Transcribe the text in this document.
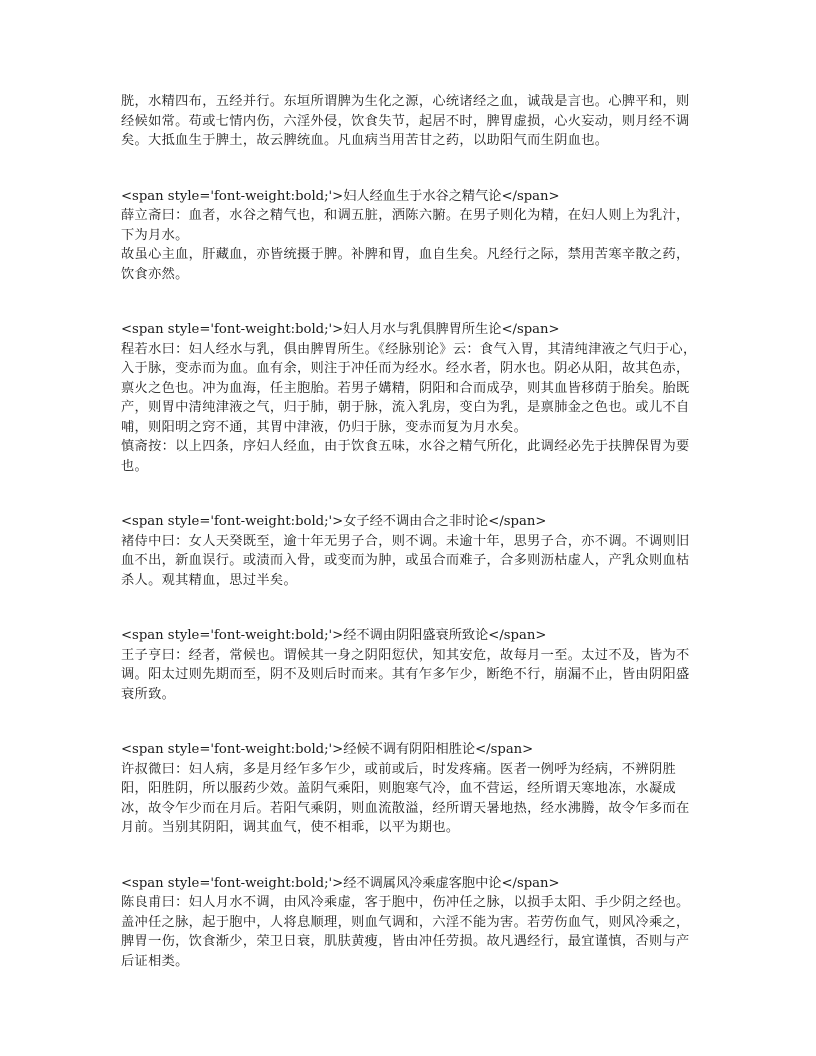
胱，水精四布，五经并行。东垣所谓脾为生化之源，心统诸经之血，诚哉是言也。心脾平和，则经候如常。苟或七情内伤，六淫外侵，饮食失节，起居不时，脾胃虚损，心火妄动，则月经不调矣。大抵血生于脾土，故云脾统血。凡血病当用苦甘之药，以助阳气而生阴血也。

<span style='font-weight:bold;'>妇人经血生于水谷之精气论</span>

薛立斋曰：血者，水谷之精气也，和调五脏，洒陈六腑。在男子则化为精，在妇人则上为乳汁，下为月水。

故虽心主血，肝藏血，亦皆统摄于脾。补脾和胃，血自生矣。凡经行之际，禁用苦寒辛散之药，饮食亦然。

<span style='font-weight:bold;'>妇人月水与乳俱脾胃所生论</span>

程若水曰：妇人经水与乳，俱由脾胃所生。《经脉别论》云：食气入胃，其清纯津液之气归于心，入于脉，变赤而为血。血有余，则注于冲任而为经水。经水者，阴水也。阴必从阳，故其色赤，禀火之色也。冲为血海，任主胞胎。若男子媾精，阴阳和合而成孕，则其血皆移荫于胎矣。胎既产，则胃中清纯津液之气，归于肺，朝于脉，流入乳房，变白为乳，是禀肺金之色也。或儿不自哺，则阳明之窍不通，其胃中津液，仍归于脉，变赤而复为月水矣。

慎斋按：以上四条，序妇人经血，由于饮食五味，水谷之精气所化，此调经必先于扶脾保胃为要也。

<span style='font-weight:bold;'>女子经不调由合之非时论</span>

褚侍中曰：女人天癸既至，逾十年无男子合，则不调。未逾十年，思男子合，亦不调。不调则旧血不出，新血误行。或渍而入骨，或变而为肿，或虽合而难子，合多则沥枯虚人，产乳众则血枯杀人。观其精血，思过半矣。

<span style='font-weight:bold;'>经不调由阴阳盛衰所致论</span>

王子亨曰：经者，常候也。谓候其一身之阴阳愆伏，知其安危，故每月一至。太过不及，皆为不调。阳太过则先期而至，阴不及则后时而来。其有乍多乍少，断绝不行，崩漏不止，皆由阴阳盛衰所致。

<span style='font-weight:bold;'>经候不调有阴阳相胜论</span>

许叔微曰：妇人病，多是月经乍多乍少，或前或后，时发疼痛。医者一例呼为经病，不辨阴胜阳，阳胜阴，所以服药少效。盖阴气乘阳，则胞寒气冷，血不营运，经所谓天寒地冻，水凝成冰，故令乍少而在月后。若阳气乘阴，则血流散溢，经所谓天暑地热，经水沸腾，故令乍多而在月前。当别其阴阳，调其血气，使不相乖，以平为期也。

<span style='font-weight:bold;'>经不调属风冷乘虚客胞中论</span>

陈良甫曰：妇人月水不调，由风冷乘虚，客于胞中，伤冲任之脉，以损手太阳、手少阴之经也。盖冲任之脉，起于胞中，人将息顺理，则血气调和，六淫不能为害。若劳伤血气，则风冷乘之，脾胃一伤，饮食渐少，荣卫日衰，肌肤黄瘦，皆由冲任劳损。故凡遇经行，最宜谨慎，否则与产后证相类。
